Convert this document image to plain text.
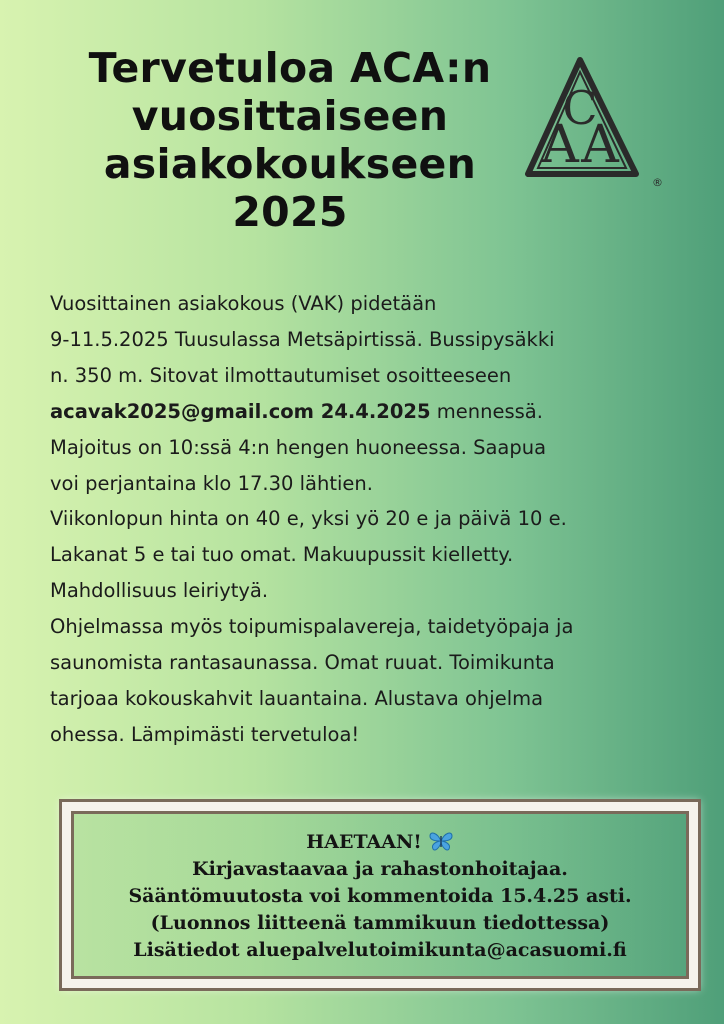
Tervetuloa ACA:n
vuosittaiseen
asiakokoukseen
2025
A
C
A
®
Vuosittainen asiakokous (VAK) pidetään
9-11.5.2025 Tuusulassa Metsäpirtissä. Bussipysäkki
n. 350 m. Sitovat ilmottautumiset osoitteeseen
acavak2025@gmail.com 24.4.2025 mennessä.
Majoitus on 10:ssä 4:n hengen huoneessa. Saapua
voi perjantaina klo 17.30 lähtien.
Viikonlopun hinta on 40 e, yksi yö 20 e ja päivä 10 e.
Lakanat 5 e tai tuo omat. Makuupussit kielletty.
Mahdollisuus leiriytyä.
Ohjelmassa myös toipumispalavereja, taidetyöpaja ja
saunomista rantasaunassa. Omat ruuat. Toimikunta
tarjoaa kokouskahvit lauantaina. Alustava ohjelma
ohessa. Lämpimästi tervetuloa!
HAETAAN!
Kirjavastaavaa ja rahastonhoitajaa.
Sääntömuutosta voi kommentoida 15.4.25 asti.
(Luonnos liitteenä tammikuun tiedottessa)
Lisätiedot aluepalvelutoimikunta@acasuomi.fi
